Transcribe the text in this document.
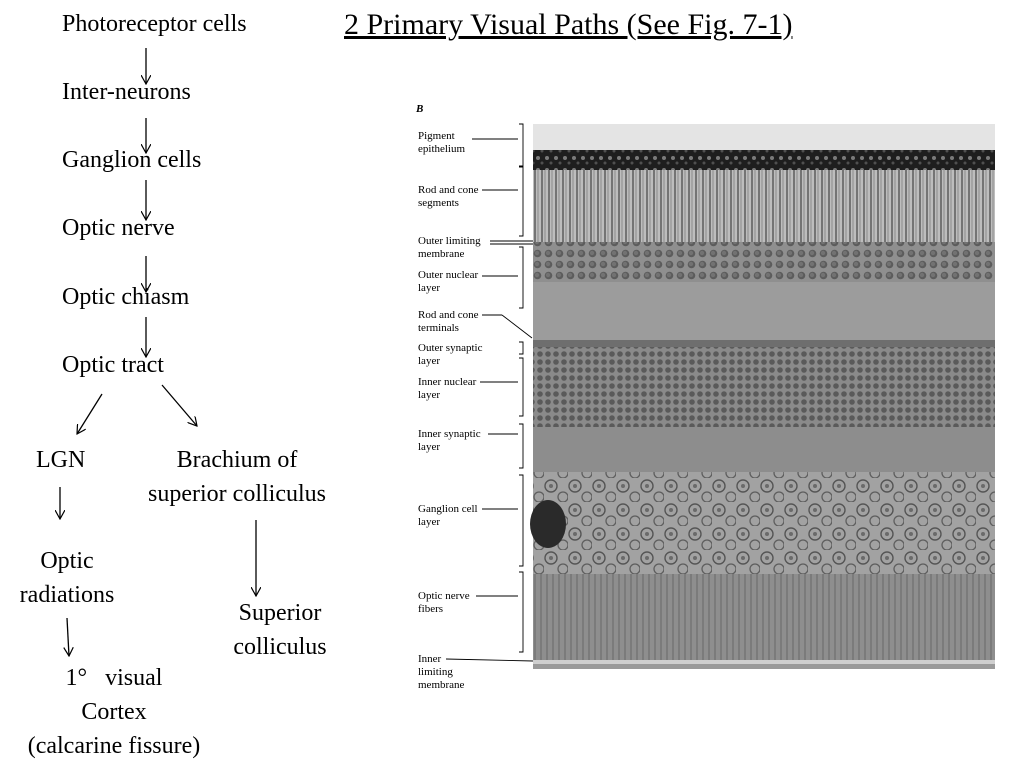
2 Primary Visual Paths (See Fig. 7-1)
Photoreceptor cells
Inter-neurons
Ganglion cells
Optic nerve
Optic chiasm
Optic tract
LGN	Brachium of
superior colliculus
Optic
radiations
Superior
colliculus
1°   visual
Cortex
(calcarine fissure)
B
Pigment
epithelium
Rod and cone
segments
Outer limiting
membrane
Outer nuclear
layer
Rod and cone
terminals
Outer synaptic
layer
Inner nuclear
layer
Inner synaptic
layer
Ganglion cell
layer
Optic nerve
fibers
Inner
limiting
membrane
